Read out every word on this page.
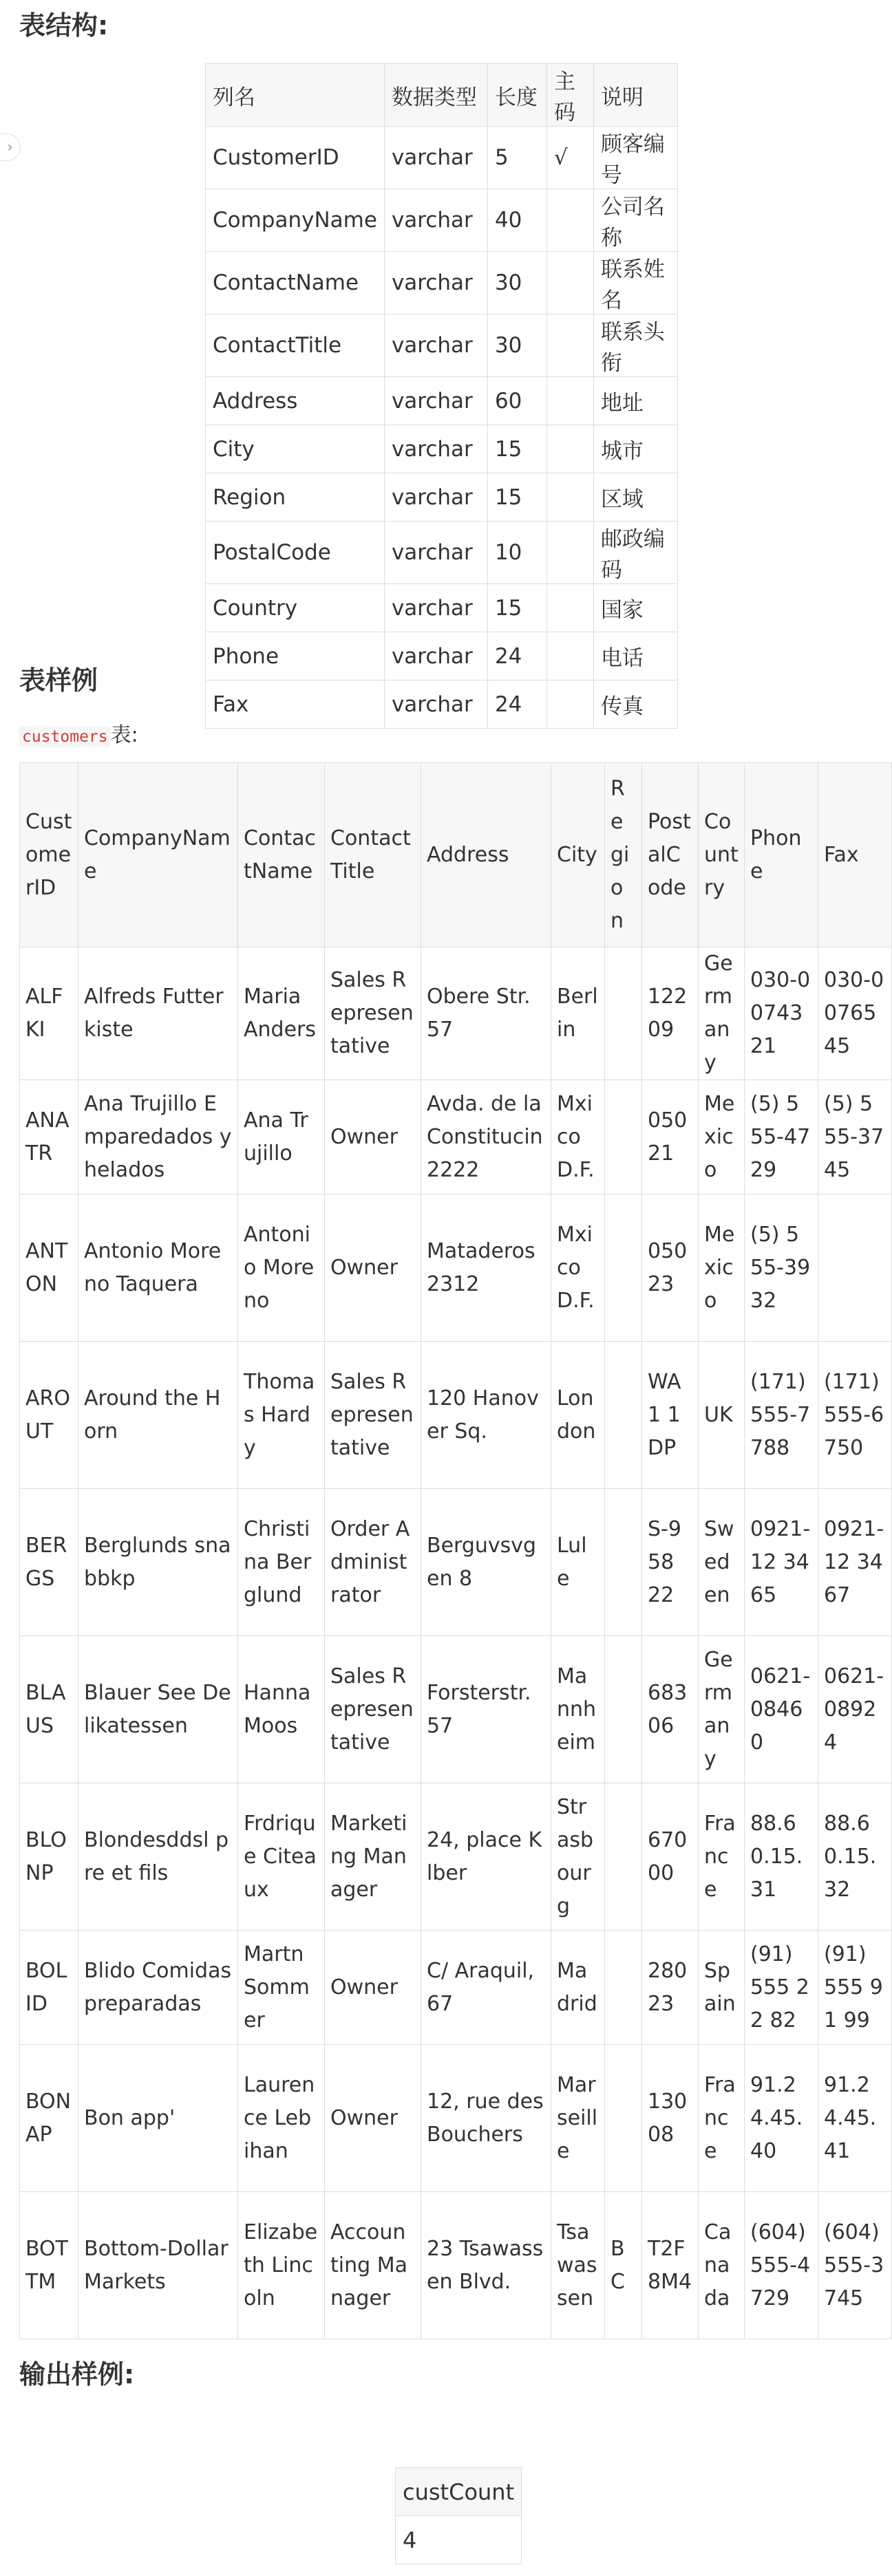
›
表结构:
列名	数据类型	长度	主码	说明
CustomerID	varchar	5	√	顾客编号
CompanyName	varchar	40		公司名称
ContactName	varchar	30		联系姓名
ContactTitle	varchar	30		联系头衔
Address	varchar	60		地址
City	varchar	15		城市
Region	varchar	15		区域
PostalCode	varchar	10		邮政编码
Country	varchar	15		国家
Phone	varchar	24		电话
Fax	varchar	24		传真
表样例
customers 表:
CustomerID	CompanyName	ContactName	ContactTitle	Address	City	Region	PostalCode	Country	Phone	Fax
ALFKI	Alfreds Futterkiste	Maria Anders	Sales Representative	Obere Str. 57	Berlin		12209	Germany	030-0074321	030-0076545
ANATR	Ana Trujillo Emparedados y helados	Ana Trujillo	Owner	Avda. de la Constitucin 2222	Mxico D.F.		05021	Mexico	(5) 555-4729	(5) 555-3745
ANTON	Antonio Moreno Taquera	Antonio Moreno	Owner	Mataderos 2312	Mxico D.F.		05023	Mexico	(5) 555-3932	
AROUT	Around the Horn	Thomas Hardy	Sales Representative	120 Hanover Sq.	London		WA1 1DP	UK	(171) 555-7788	(171) 555-6750
BERGS	Berglunds snabbkp	Christina Berglund	Order Administrator	Berguvsvgen 8	Lule		S-958 22	Sweden	0921-12 34 65	0921-12 34 67
BLAUS	Blauer See Delikatessen	Hanna Moos	Sales Representative	Forsterstr. 57	Mannheim		68306	Germany	0621-08460	0621-08924
BLONP	Blondesddsl pre et fils	Frdrique Citeaux	Marketing Manager	24, place Klber	Strasbourg		67000	France	88.60.15.31	88.60.15.32
BOLID	Blido Comidas preparadas	Martn Sommer	Owner	C/ Araquil, 67	Madrid		28023	Spain	(91) 555 22 82	(91) 555 91 99
BONAP	Bon app'	Laurence Lebihan	Owner	12, rue des Bouchers	Marseille		13008	France	91.24.45.40	91.24.45.41
BOTTM	Bottom-Dollar Markets	Elizabeth Lincoln	Accounting Manager	23 Tsawassen Blvd.	Tsawassen	BC	T2F 8M4	Canada	(604) 555-4729	(604) 555-3745
输出样例:
custCount
4
